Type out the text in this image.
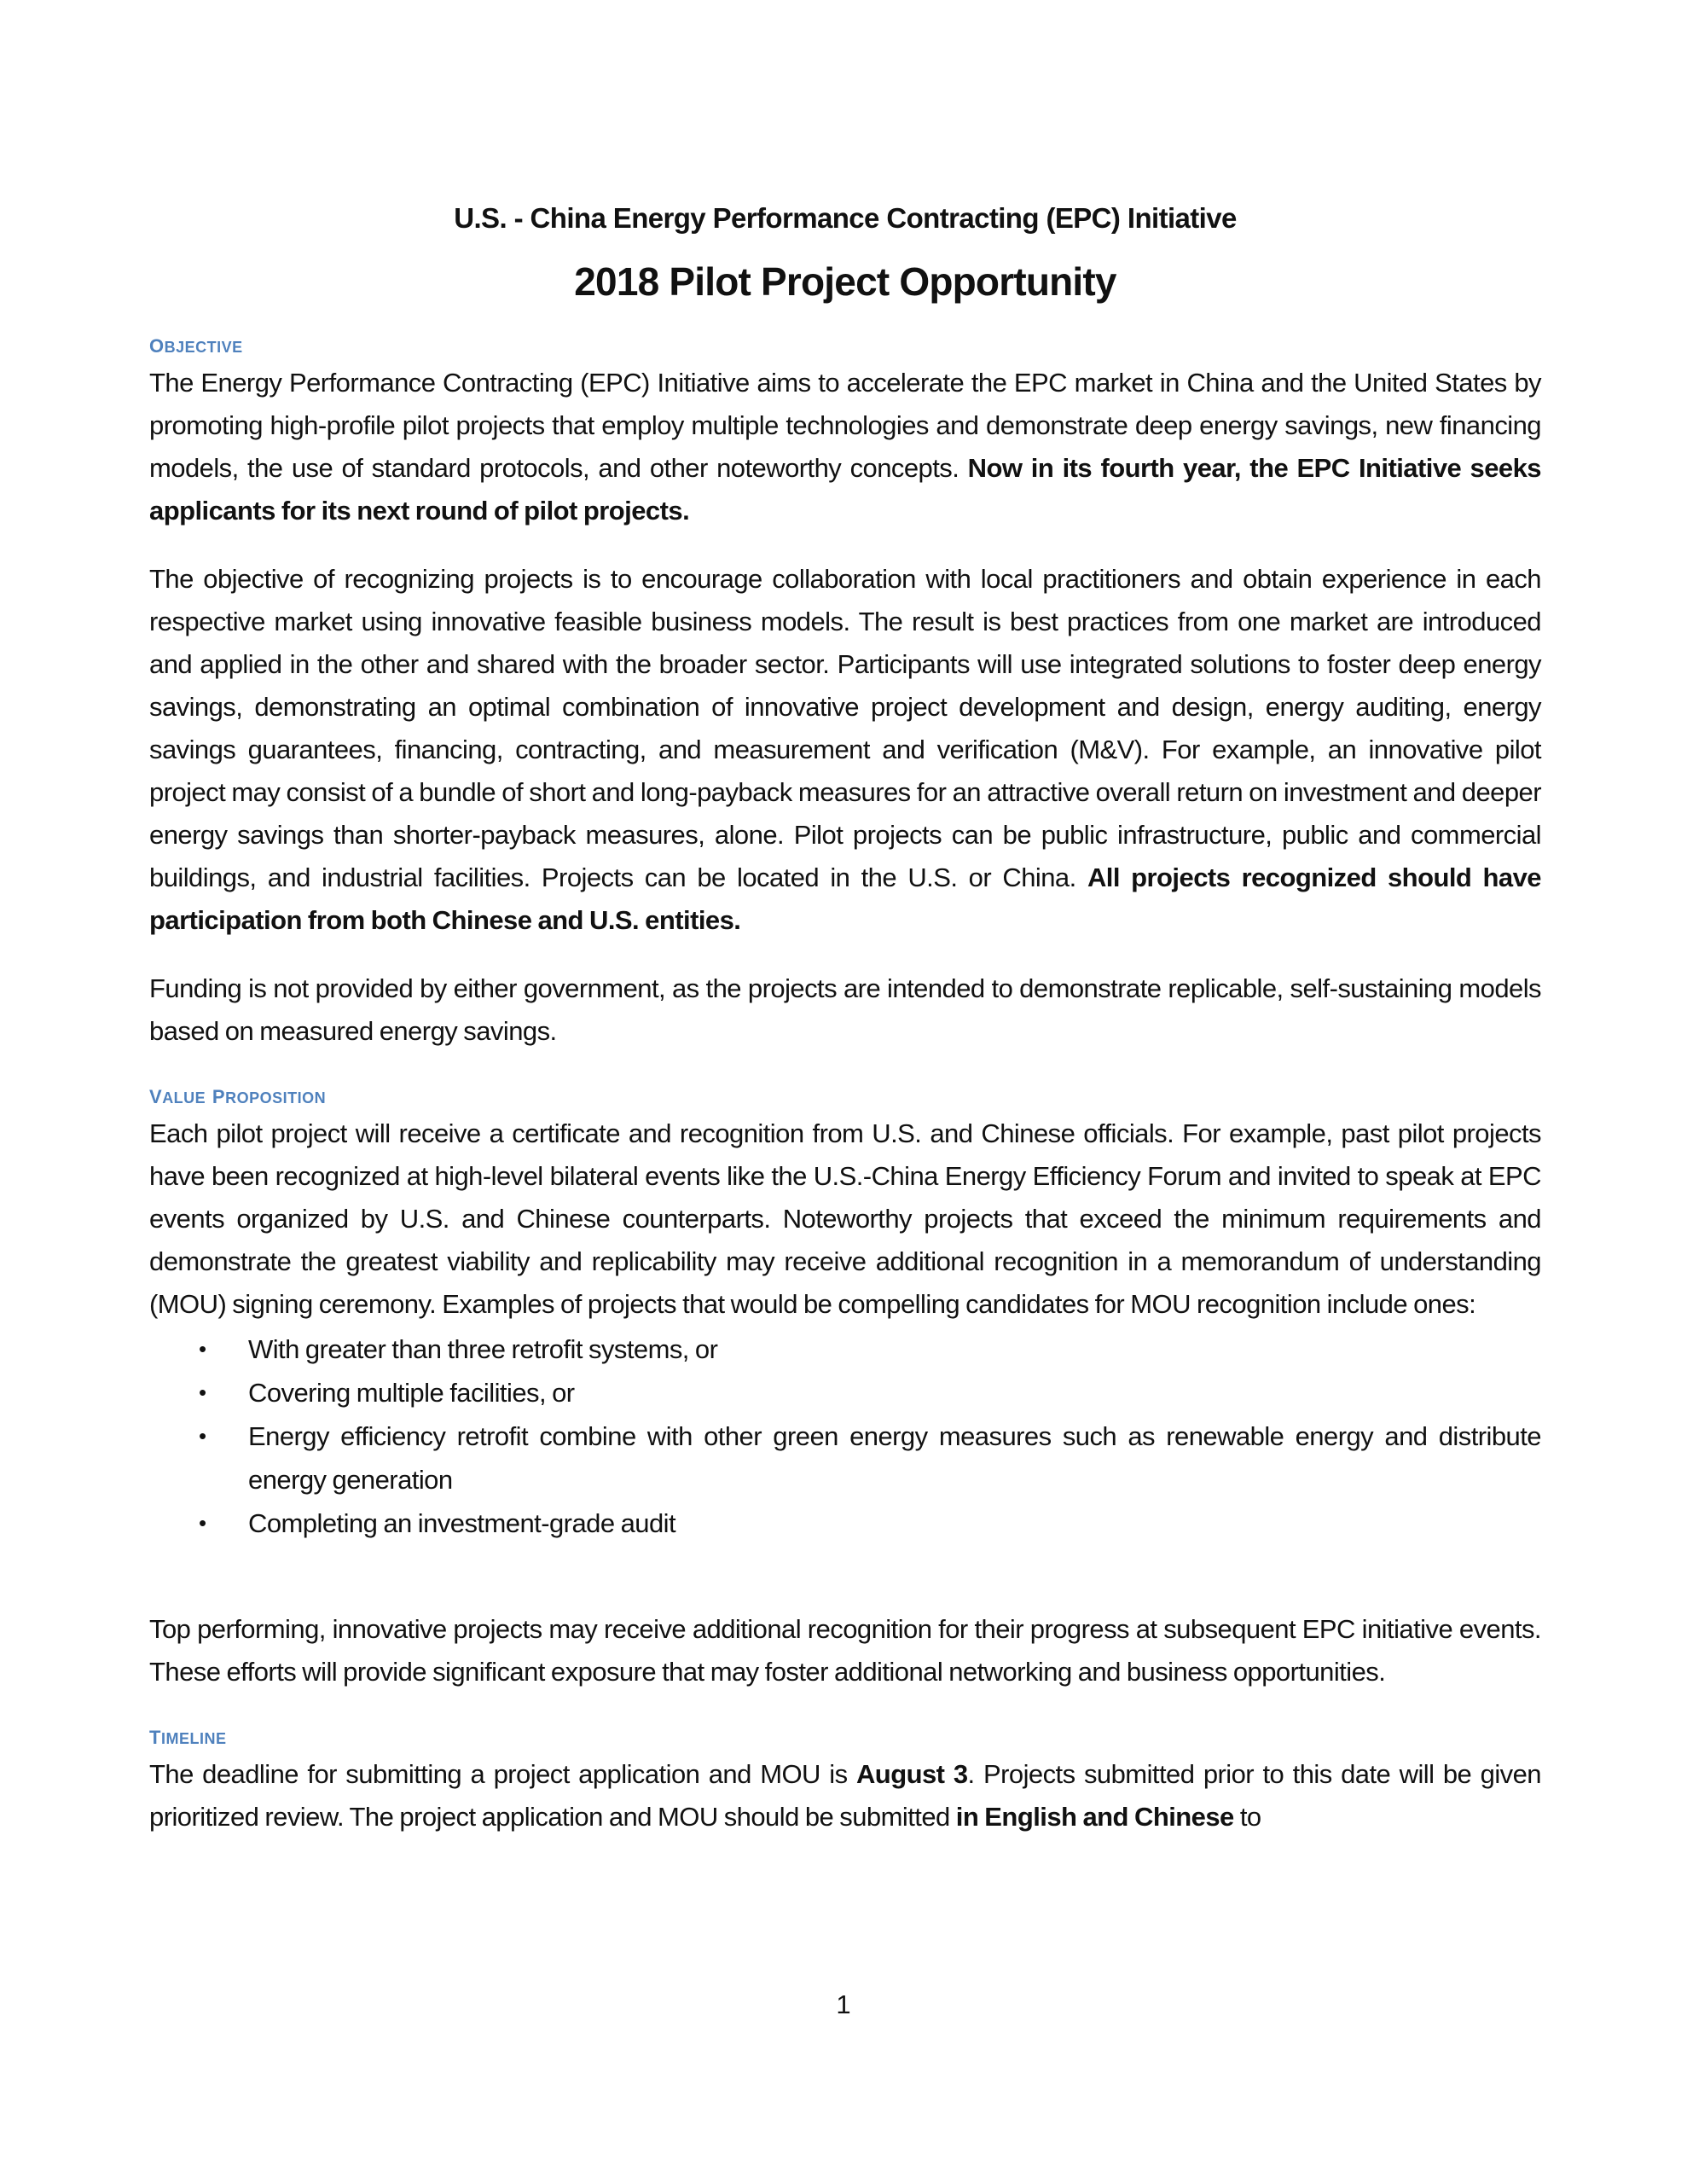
U.S. - China Energy Performance Contracting (EPC) Initiative
2018 Pilot Project Opportunity
objective

The Energy Performance Contracting (EPC) Initiative aims to accelerate the EPC market in China and the United States by promoting high-profile pilot projects that employ multiple technologies and demonstrate deep energy savings, new financing models, the use of standard protocols, and other noteworthy concepts. Now in its fourth year, the EPC Initiative seeks applicants for its next round of pilot projects.

The objective of recognizing projects is to encourage collaboration with local practitioners and obtain experience in each respective market using innovative feasible business models. The result is best practices from one market are introduced and applied in the other and shared with the broader sector. Participants will use integrated solutions to foster deep energy savings, demonstrating an optimal combination of innovative project development and design, energy auditing, energy savings guarantees, financing, contracting, and measurement and verification (M&V). For example, an innovative pilot project may consist of a bundle of short and long-payback measures for an attractive overall return on investment and deeper energy savings than shorter-payback measures, alone. Pilot projects can be public infrastructure, public and commercial buildings, and industrial facilities. Projects can be located in the U.S. or China. All projects recognized should have participation from both Chinese and U.S. entities.

Funding is not provided by either government, as the projects are intended to demonstrate replicable, self-sustaining models based on measured energy savings.

value proposition

Each pilot project will receive a certificate and recognition from U.S. and Chinese officials. For example, past pilot projects have been recognized at high-level bilateral events like the U.S.-China Energy Efficiency Forum and invited to speak at EPC events organized by U.S. and Chinese counterparts. Noteworthy projects that exceed the minimum requirements and demonstrate the greatest viability and replicability may receive additional recognition in a memorandum of understanding (MOU) signing ceremony. Examples of projects that would be compelling candidates for MOU recognition include ones:

• With greater than three retrofit systems, or
• Covering multiple facilities, or
• Energy efficiency retrofit combine with other green energy measures such as renewable energy and distribute energy generation
• Completing an investment-grade audit

Top performing, innovative projects may receive additional recognition for their progress at subsequent EPC initiative events. These efforts will provide significant exposure that may foster additional networking and business opportunities.

timeline

The deadline for submitting a project application and MOU is August 3. Projects submitted prior to this date will be given prioritized review. The project application and MOU should be submitted in English and Chinese to

1
